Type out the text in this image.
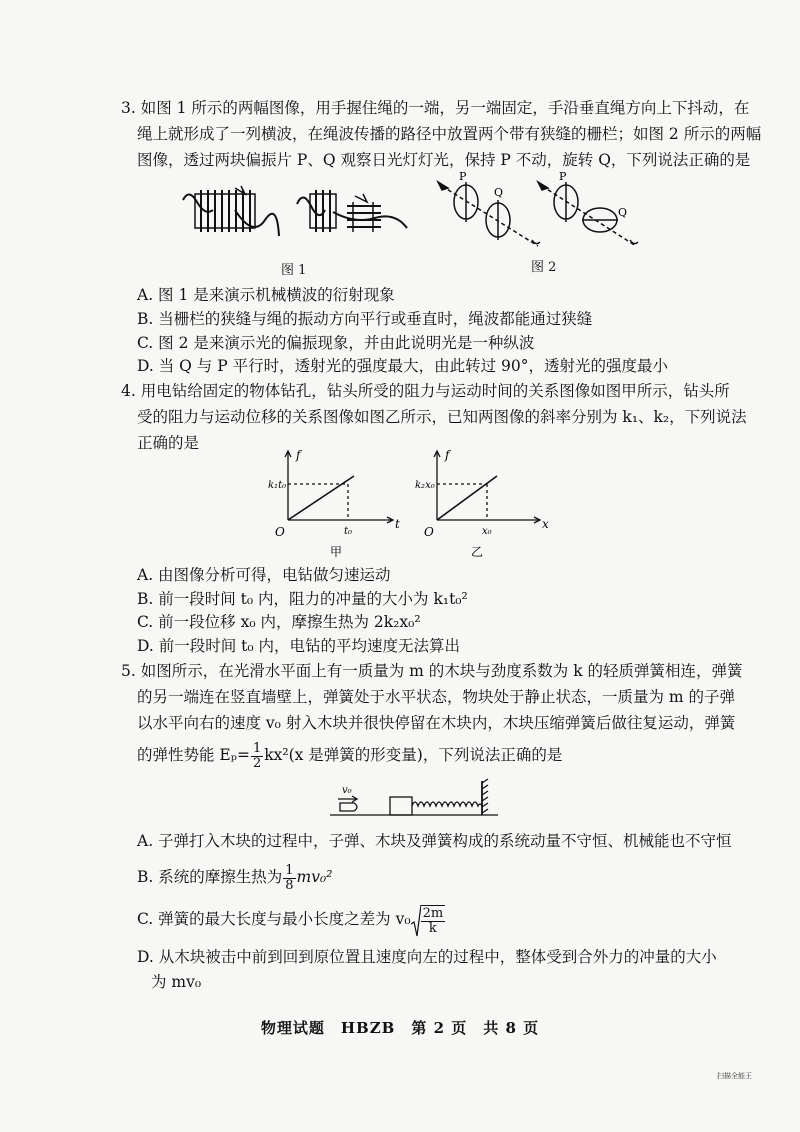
3. 如图 1 所示的两幅图像，用手握住绳的一端，另一端固定，手沿垂直绳方向上下抖动，在
绳上就形成了一列横波，在绳波传播的路径中放置两个带有狭缝的栅栏；如图 2 所示的两幅
图像，透过两块偏振片 P、Q 观察日光灯灯光，保持 P 不动，旋转 Q，下列说法正确的是
图 1
P
Q
P
Q
图 2
A. 图 1 是来演示机械横波的衍射现象
B. 当栅栏的狭缝与绳的振动方向平行或垂直时，绳波都能通过狭缝
C. 图 2 是来演示光的偏振现象，并由此说明光是一种纵波
D. 当 Q 与 P 平行时，透射光的强度最大，由此转过 90°，透射光的强度最小
4. 用电钻给固定的物体钻孔，钻头所受的阻力与运动时间的关系图像如图甲所示，钻头所
受的阻力与运动位移的关系图像如图乙所示，已知两图像的斜率分别为 k₁、k₂，下列说法
正确的是
f
t
O
k₁t₀
t₀
甲
f
x
O
k₂x₀
x₀
乙
A. 由图像分析可得，电钻做匀速运动
B. 前一段时间 t₀ 内，阻力的冲量的大小为 k₁t₀²
C. 前一段位移 x₀ 内，摩擦生热为 2k₂x₀²
D. 前一段时间 t₀ 内，电钻的平均速度无法算出
5. 如图所示，在光滑水平面上有一质量为 m 的木块与劲度系数为 k 的轻质弹簧相连，弹簧
的另一端连在竖直墙壁上，弹簧处于水平状态，物块处于静止状态，一质量为 m 的子弹
以水平向右的速度 v₀ 射入木块并很快停留在木块内，木块压缩弹簧后做往复运动，弹簧
的弹性势能 $E_p= \frac{1}{2} kx^2(x$ 是弹簧的形变量)，下列说法正确的是
v₀
A. 子弹打入木块的过程中，子弹、木块及弹簧构成的系统动量不守恒、机械能也不守恒
B. 系统的摩擦生热为 $\frac{1}{8} mv_0^2$
C. 弹簧的最大长度与最小长度之差为 $v_0 \frac{2m}{k}$
D. 从木块被击中前到回到原位置且速度向左的过程中，整体受到合外力的冲量的大小
为 mv₀
物理试题　HBZB　第 2 页　共 8 页
扫描全能王
